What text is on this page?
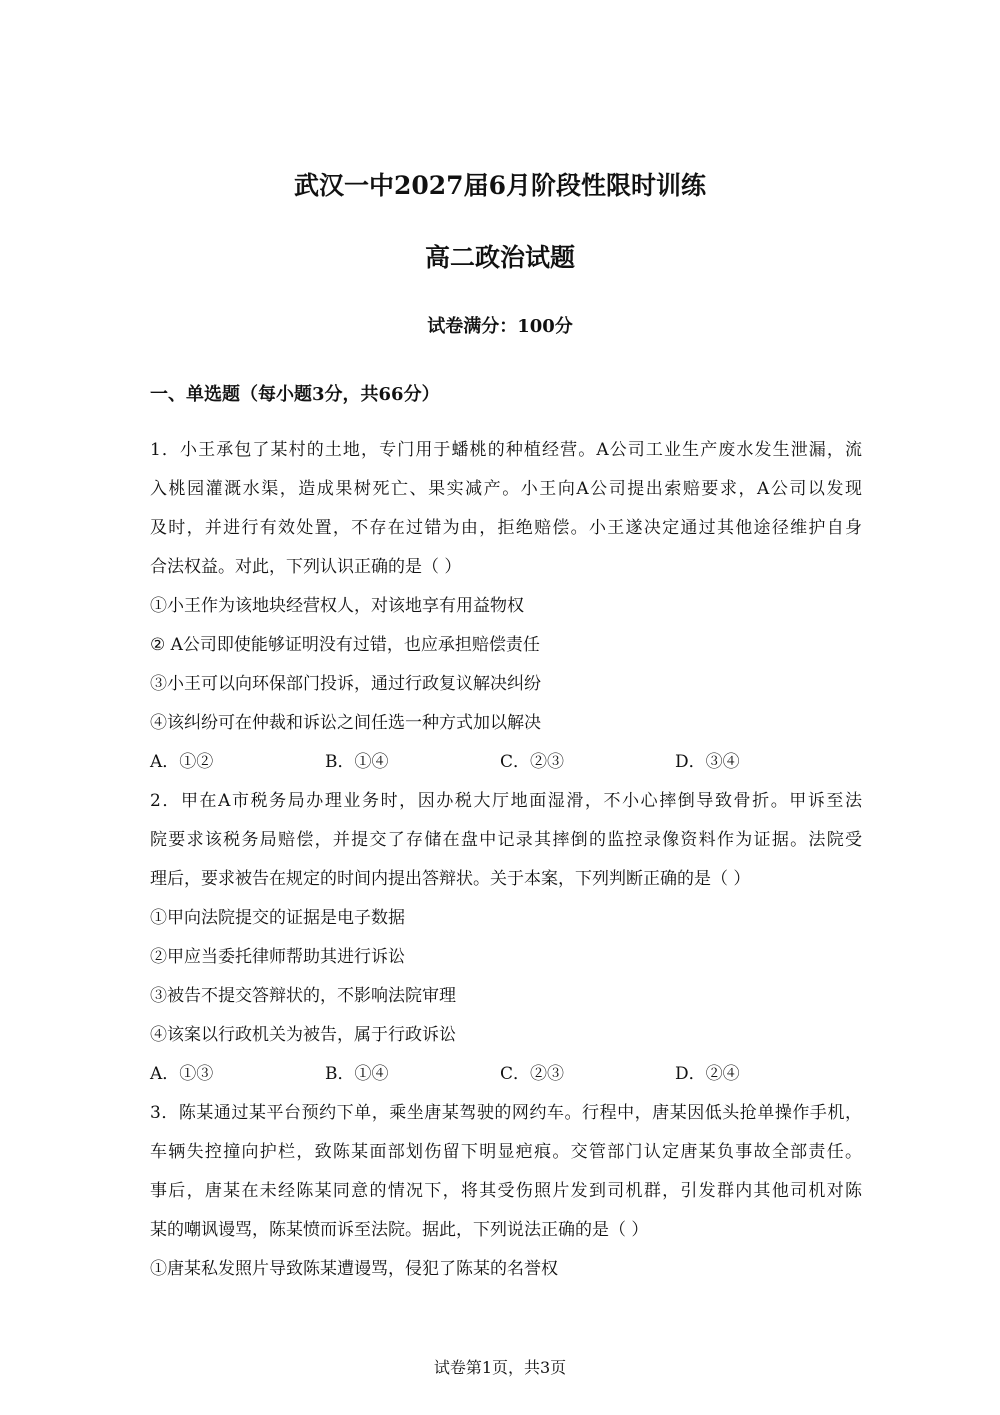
武汉一中2027届6月阶段性限时训练
高二政治试题
试卷满分：100分
一、单选题（每小题3分，共66分）
1．小王承包了某村的土地，专门用于蟠桃的种植经营。A公司工业生产废水发生泄漏，流
入桃园灌溉水渠，造成果树死亡、果实减产。小王向A公司提出索赔要求，A公司以发现
及时，并进行有效处置，不存在过错为由，拒绝赔偿。小王遂决定通过其他途径维护自身
合法权益。对此，下列认识正确的是（ ）
①小王作为该地块经营权人，对该地享有用益物权
② A公司即使能够证明没有过错，也应承担赔偿责任
③小王可以向环保部门投诉，通过行政复议解决纠纷
④该纠纷可在仲裁和诉讼之间任选一种方式加以解决
A．①②	B．①④	C．②③	D．③④
2．甲在A市税务局办理业务时，因办税大厅地面湿滑，不小心摔倒导致骨折。甲诉至法
院要求该税务局赔偿，并提交了存储在盘中记录其摔倒的监控录像资料作为证据。法院受
理后，要求被告在规定的时间内提出答辩状。关于本案，下列判断正确的是（ ）
①甲向法院提交的证据是电子数据
②甲应当委托律师帮助其进行诉讼
③被告不提交答辩状的，不影响法院审理
④该案以行政机关为被告，属于行政诉讼
A．①③	B．①④	C．②③	D．②④
3．陈某通过某平台预约下单，乘坐唐某驾驶的网约车。行程中，唐某因低头抢单操作手机，
车辆失控撞向护栏，致陈某面部划伤留下明显疤痕。交管部门认定唐某负事故全部责任。
事后，唐某在未经陈某同意的情况下，将其受伤照片发到司机群，引发群内其他司机对陈
某的嘲讽谩骂，陈某愤而诉至法院。据此，下列说法正确的是（ ）
①唐某私发照片导致陈某遭谩骂，侵犯了陈某的名誉权
试卷第1页，共3页
